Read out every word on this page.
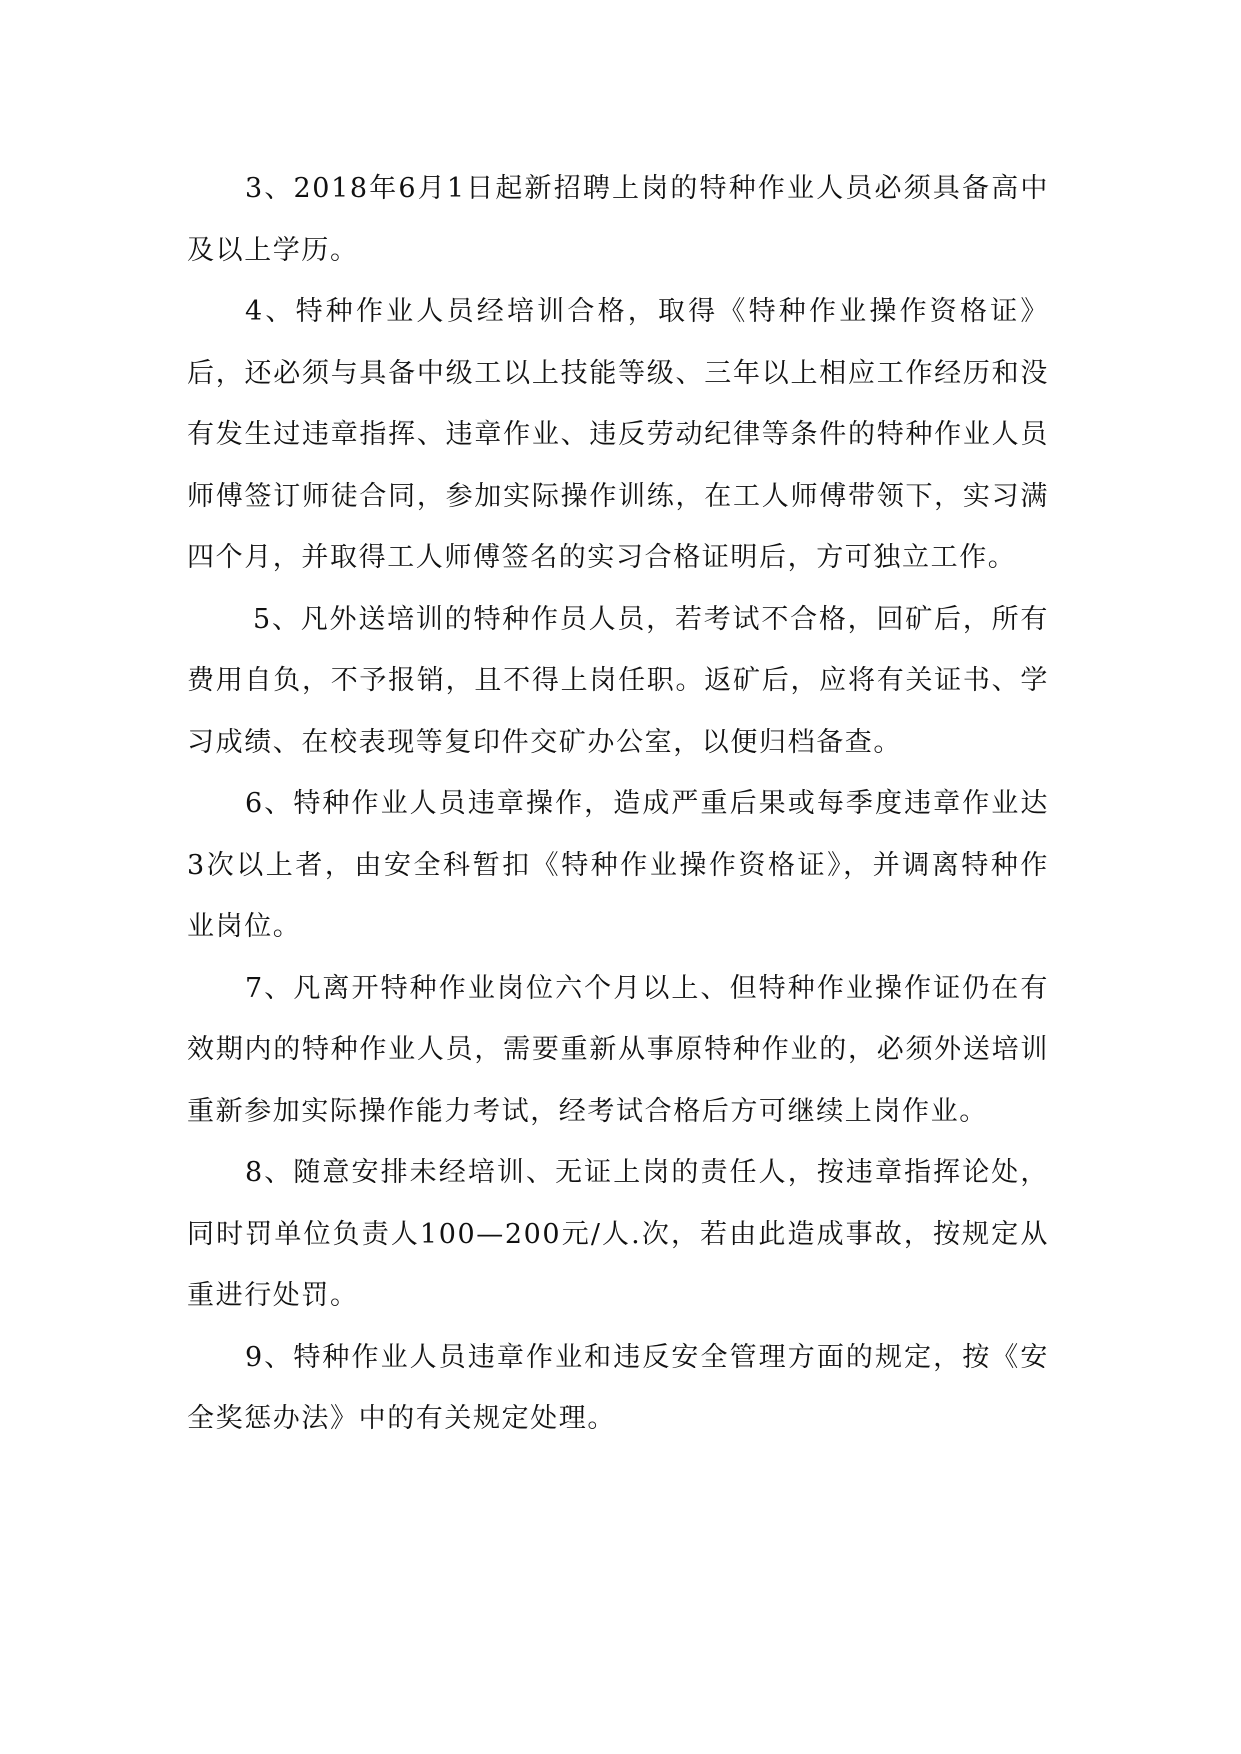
3、2018年6月1日起新招聘上岗的特种作业人员必须具备高中及以上学历。

4、特种作业人员经培训合格，取得《特种作业操作资格证》后，还必须与具备中级工以上技能等级、三年以上相应工作经历和没有发生过违章指挥、违章作业、违反劳动纪律等条件的特种作业人员师傅签订师徒合同，参加实际操作训练，在工人师傅带领下，实习满四个月，并取得工人师傅签名的实习合格证明后，方可独立工作。

5、凡外送培训的特种作员人员，若考试不合格，回矿后，所有费用自负，不予报销，且不得上岗任职。返矿后，应将有关证书、学习成绩、在校表现等复印件交矿办公室，以便归档备查。

6、特种作业人员违章操作，造成严重后果或每季度违章作业达3次以上者，由安全科暂扣《特种作业操作资格证》，并调离特种作业岗位。

7、凡离开特种作业岗位六个月以上、但特种作业操作证仍在有效期内的特种作业人员，需要重新从事原特种作业的，必须外送培训重新参加实际操作能力考试，经考试合格后方可继续上岗作业。

8、随意安排未经培训、无证上岗的责任人，按违章指挥论处，同时罚单位负责人100—200元/人.次，若由此造成事故，按规定从重进行处罚。

9、特种作业人员违章作业和违反安全管理方面的规定，按《安全奖惩办法》中的有关规定处理。
